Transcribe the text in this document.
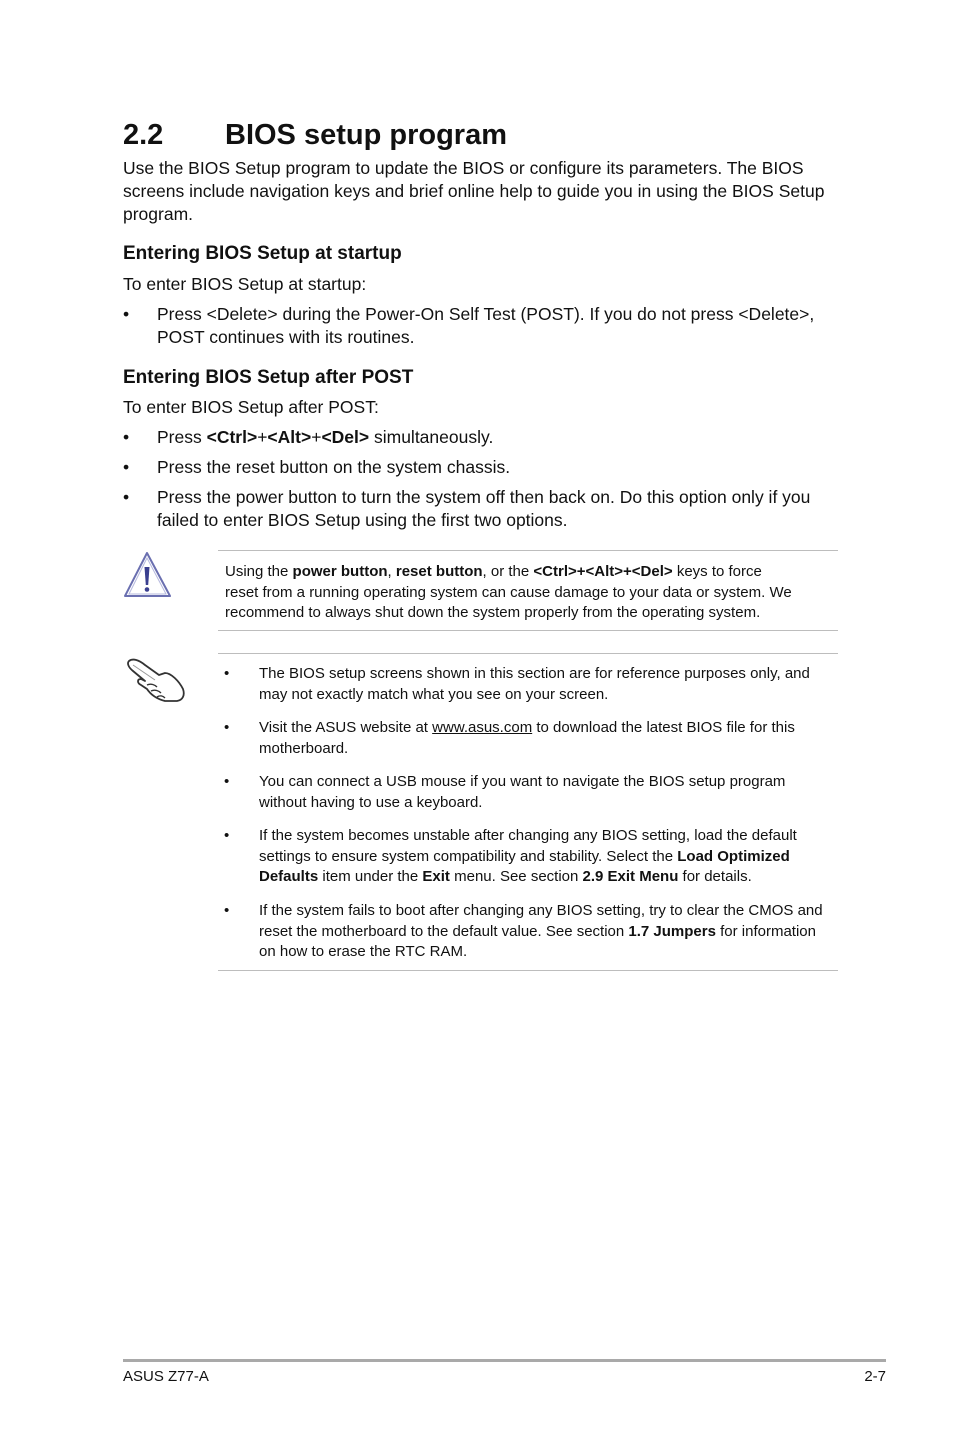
2.2 BIOS setup program
Use the BIOS Setup program to update the BIOS or configure its parameters. The BIOS
screens include navigation keys and brief online help to guide you in using the BIOS Setup
program.
Entering BIOS Setup at startup
To enter BIOS Setup at startup:
• Press <Delete> during the Power-On Self Test (POST). If you do not press <Delete>,
POST continues with its routines.
Entering BIOS Setup after POST
To enter BIOS Setup after POST:
• Press <Ctrl>+<Alt>+<Del> simultaneously.
• Press the reset button on the system chassis.
• Press the power button to turn the system off then back on. Do this option only if you
failed to enter BIOS Setup using the first two options.
Using the power button, reset button, or the <Ctrl>+<Alt>+<Del> keys to force
reset from a running operating system can cause damage to your data or system. We
recommend to always shut down the system properly from the operating system.
• The BIOS setup screens shown in this section are for reference purposes only, and
may not exactly match what you see on your screen.
• Visit the ASUS website at www.asus.com to download the latest BIOS file for this
motherboard.
• You can connect a USB mouse if you want to navigate the BIOS setup program
without having to use a keyboard.
• If the system becomes unstable after changing any BIOS setting, load the default
settings to ensure system compatibility and stability. Select the Load Optimized
Defaults item under the Exit menu. See section 2.9 Exit Menu for details.
• If the system fails to boot after changing any BIOS setting, try to clear the CMOS and
reset the motherboard to the default value. See section 1.7 Jumpers for information
on how to erase the RTC RAM.
ASUS Z77-A	2-7
